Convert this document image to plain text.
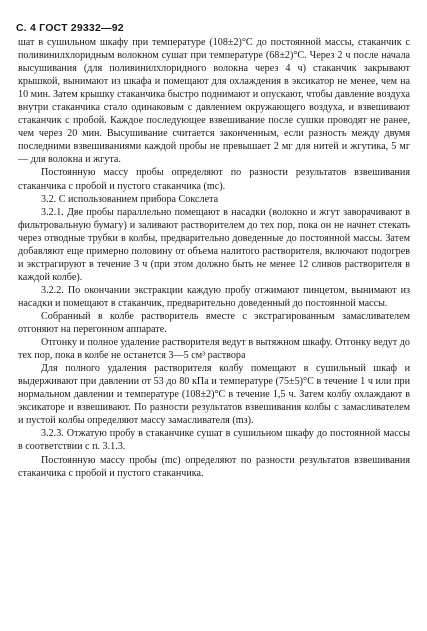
С. 4 ГОСТ 29332—92

шат в сушильном шкафу при температуре (108±2)°С до постоянной массы, стаканчик с поливинилхлоридным волокном сушат при температуре (68±2)°С. Через 2 ч после начала высушивания (для поливинилхлоридного волокна через 4 ч) стаканчик закрывают крышкой, вынимают из шкафа и помещают для охлаждения в эксикатор не менее, чем на 10 мин. Затем крышку стаканчика быстро поднимают и опускают, чтобы давление воздуха внутри стаканчика стало одинаковым с давлением окружающего воздуха, и взвешивают стаканчик с пробой. Каждое последующее взвешивание после сушки проводят не ранее, чем через 20 мин. Высушивание считается законченным, если разность между двумя последними взвешиваниями каждой пробы не превышает 2 мг для нитей и жгутика, 5 мг — для волокна и жгута.

Постоянную массу пробы определяют по разности результатов взвешивания стаканчика с пробой и пустого стаканчика (mс).

3.2. С использованием прибора Сокслета

3.2.1. Две пробы параллельно помещают в насадки (волокно и жгут заворачивают в фильтровальную бумагу) и заливают растворителем до тех пор, пока он не начнет стекать через отводные трубки в колбы, предварительно доведенные до постоянной массы. Затем добавляют еще примерно половину от объема налитого растворителя, включают подогрев и экстрагируют в течение 3 ч (при этом должно быть не менее 12 сливов растворителя в каждой колбе).

3.2.2. По окончании экстракции каждую пробу отжимают пинцетом, вынимают из насадки и помещают в стаканчик, предварительно доведенный до постоянной массы.

Собранный в колбе растворитель вместе с экстрагированным замасливателем отгоняют на перегонном аппарате.

Отгонку и полное удаление растворителя ведут в вытяжном шкафу. Отгонку ведут до тех пор, пока в колбе не останется 3—5 см³ раствора

Для полного удаления растворителя колбу помещают в сушильный шкаф и выдерживают при давлении от 53 до 80 кПа и температуре (75±5)°С в течение 1 ч или при нормальном давлении и температуре (108±2)°С в течение 1,5 ч. Затем колбу охлаждают в эксикаторе и взвешивают. По разности результатов взвешивания колбы с замасливателем и пустой колбы определяют массу замасливателя (mз).

3.2.3. Отжатую пробу в стаканчике сушат в сушильном шкафу до постоянной массы в соответствии с п. 3.1.3.

Постоянную массу пробы (mс) определяют по разности результатов взвешивания стаканчика с пробой и пустого стаканчика.
